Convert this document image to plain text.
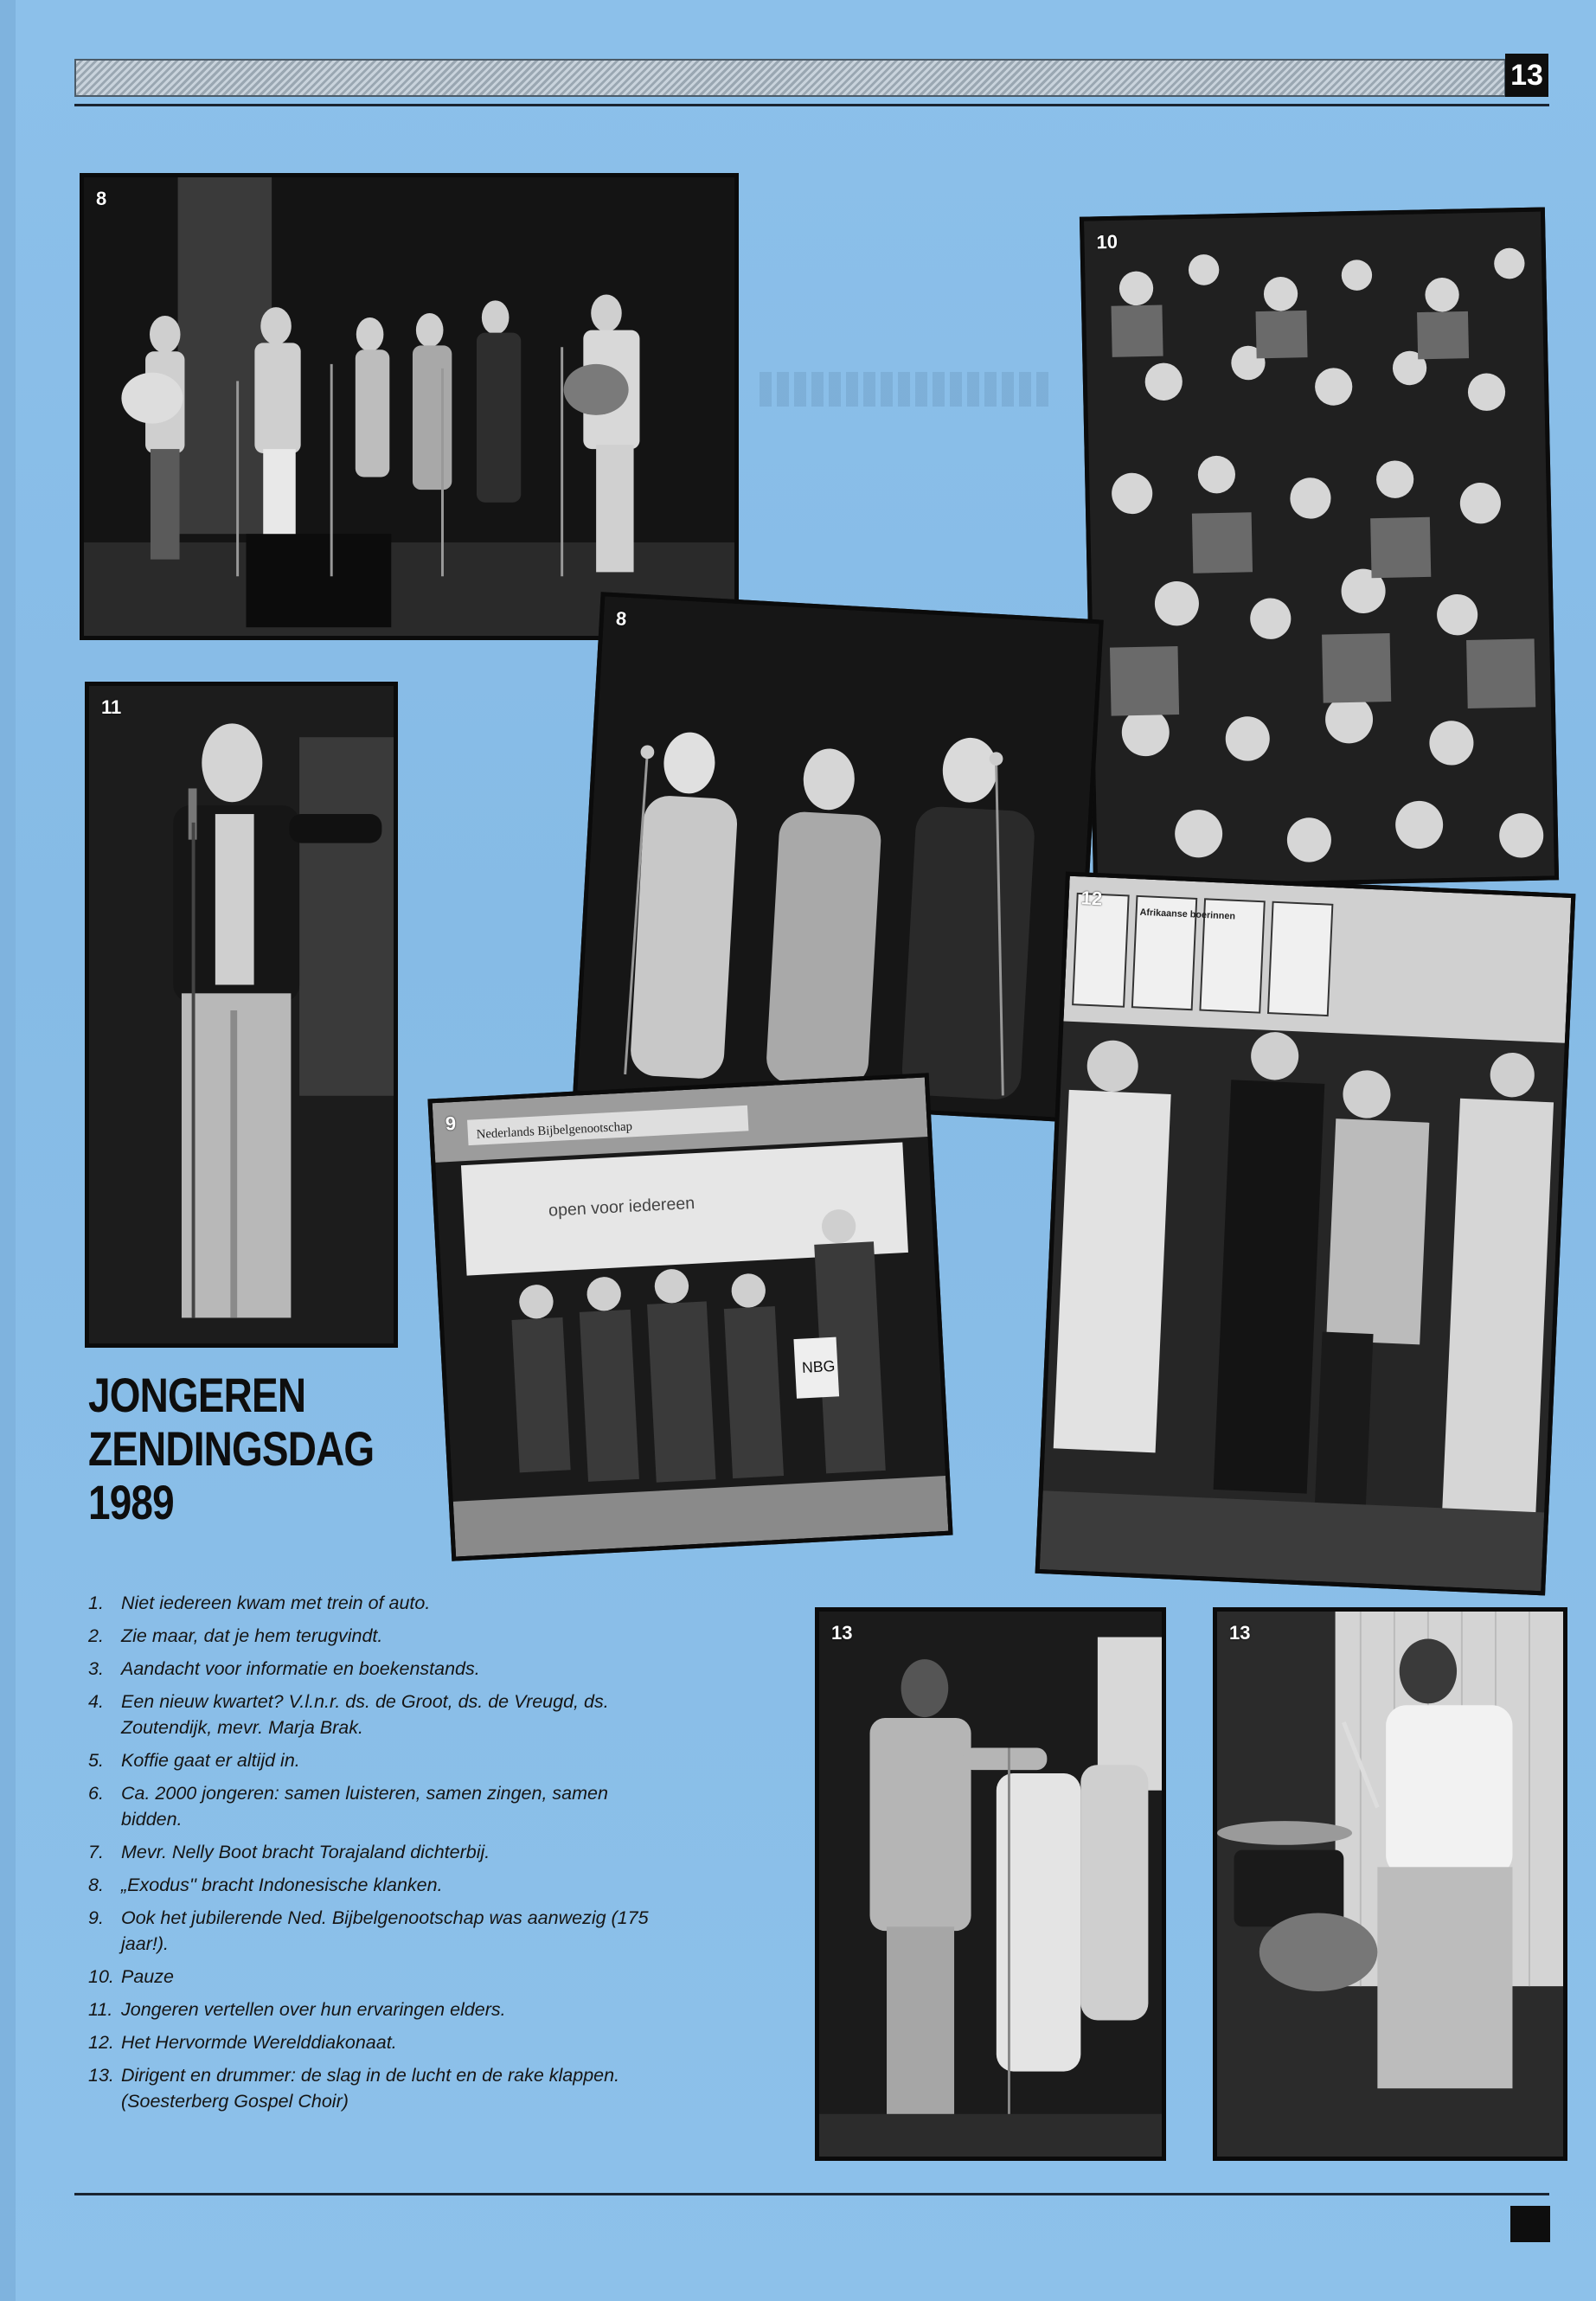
13
8
10
11
8
Nederlands Bijbelgenootschap
open voor iedereen
NBG
9
Afrikaanse boerinnen
12
13	13
JONGEREN
ZENDINGSDAG
1989
1. Niet iedereen kwam met trein of auto.
2. Zie maar, dat je hem terugvindt.
3. Aandacht voor informatie en boekenstands.
4. Een nieuw kwartet? V.l.n.r. ds. de Groot, ds. de Vreugd, ds. Zoutendijk, mevr. Marja Brak.
5. Koffie gaat er altijd in.
6. Ca. 2000 jongeren: samen luisteren, samen zingen, samen bidden.
7. Mevr. Nelly Boot bracht Torajaland dichterbij.
8. „Exodus'' bracht Indonesische klanken.
9. Ook het jubilerende Ned. Bijbelgenootschap was aanwezig (175 jaar!).
10. Pauze
11. Jongeren vertellen over hun ervaringen elders.
12. Het Hervormde Werelddiakonaat.
13. Dirigent en drummer: de slag in de lucht en de rake klappen. (Soesterberg Gospel Choir)
